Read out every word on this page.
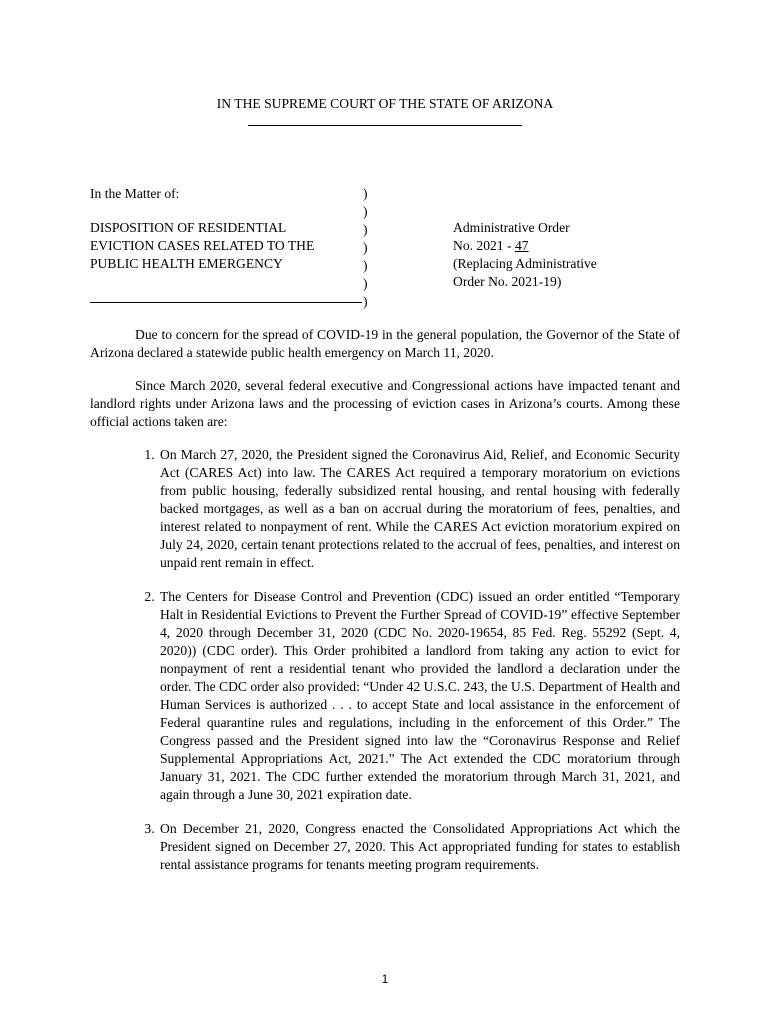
IN THE SUPREME COURT OF THE STATE OF ARIZONA
In the Matter of:
DISPOSITION OF RESIDENTIAL
EVICTION CASES RELATED TO THE
PUBLIC HEALTH EMERGENCY
)
)
)
)
)
)
)
Administrative Order
No. 2021 - 47
(Replacing Administrative
Order No. 2021-19)

Due to concern for the spread of COVID-19 in the general population, the Governor of the State of Arizona declared a statewide public health emergency on March 11, 2020.

Since March 2020, several federal executive and Congressional actions have impacted tenant and landlord rights under Arizona laws and the processing of eviction cases in Arizona’s courts. Among these official actions taken are:

1. On March 27, 2020, the President signed the Coronavirus Aid, Relief, and Economic Security Act (CARES Act) into law. The CARES Act required a temporary moratorium on evictions from public housing, federally subsidized rental housing, and rental housing with federally backed mortgages, as well as a ban on accrual during the moratorium of fees, penalties, and interest related to nonpayment of rent. While the CARES Act eviction moratorium expired on July 24, 2020, certain tenant protections related to the accrual of fees, penalties, and interest on unpaid rent remain in effect.
2. The Centers for Disease Control and Prevention (CDC) issued an order entitled “Temporary Halt in Residential Evictions to Prevent the Further Spread of COVID-19” effective September 4, 2020 through December 31, 2020 (CDC No. 2020-19654, 85 Fed. Reg. 55292 (Sept. 4, 2020)) (CDC order). This Order prohibited a landlord from taking any action to evict for nonpayment of rent a residential tenant who provided the landlord a declaration under the order. The CDC order also provided: “Under 42 U.S.C. 243, the U.S. Department of Health and Human Services is authorized . . . to accept State and local assistance in the enforcement of Federal quarantine rules and regulations, including in the enforcement of this Order.” The Congress passed and the President signed into law the “Coronavirus Response and Relief Supplemental Appropriations Act, 2021.” The Act extended the CDC moratorium through January 31, 2021. The CDC further extended the moratorium through March 31, 2021, and again through a June 30, 2021 expiration date.
3. On December 21, 2020, Congress enacted the Consolidated Appropriations Act which the President signed on December 27, 2020. This Act appropriated funding for states to establish rental assistance programs for tenants meeting program requirements.
1
